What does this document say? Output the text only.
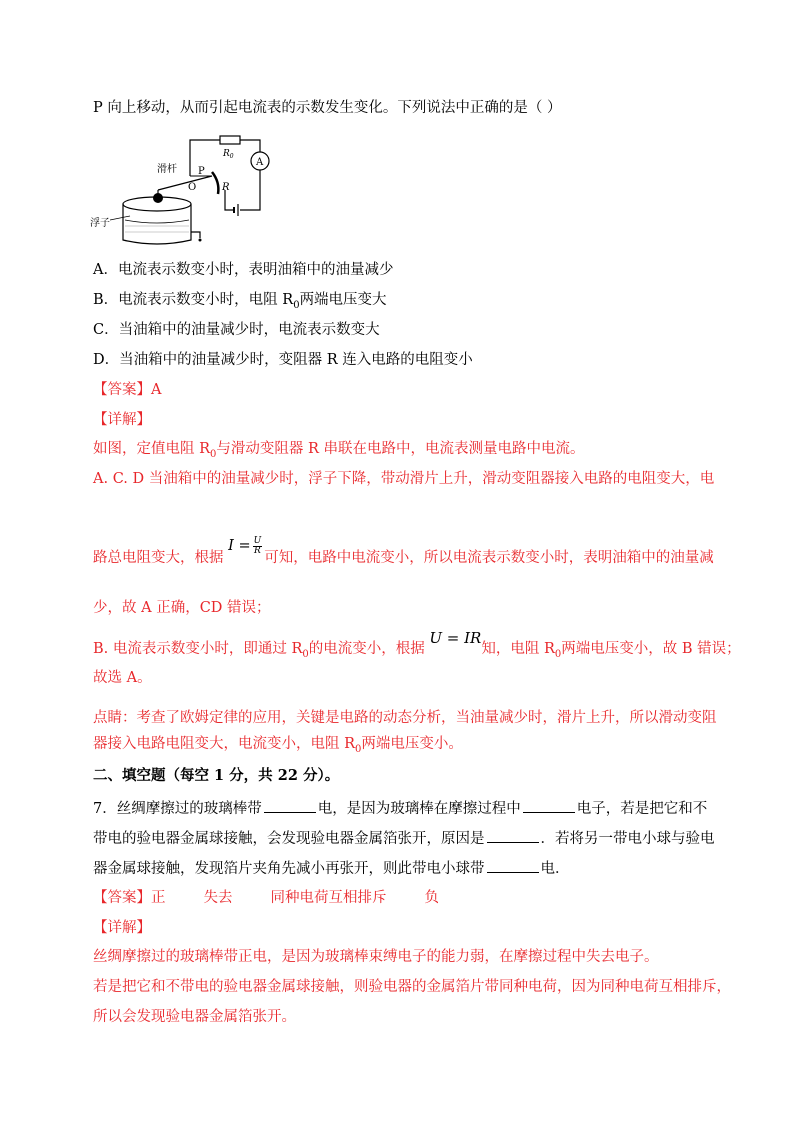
P 向上移动，从而引起电流表的示数发生变化。下列说法中正确的是（ ）
$R_0$
A
R
滑杆 P
O
浮子
A．电流表示数变小时，表明油箱中的油量减少
B．电流表示数变小时，电阻 $R_0$两端电压变大
C．当油箱中的油量减少时，电流表示数变大
D．当油箱中的油量减少时，变阻器 R 连入电路的电阻变小
【答案】A
【详解】
如图，定值电阻 $R_0$与滑动变阻器 R 串联在电路中，电流表测量电路中电流。
A. C. D 当油箱中的油量减少时，浮子下降，带动滑片上升，滑动变阻器接入电路的电阻变大，电
路总电阻变大，根据 $I = \frac{U}{R}$
可知，电路中电流变小，所以电流表示数变小时，表明油箱中的油量减
少，故 A 正确，CD 错误；
B. 电流表示数变小时，即通过 $R_0$的电流变小，根据 U = IR知，电阻 $R_0$两端电压变小，故 B 错误；
故选 A。
点睛：考查了欧姆定律的应用，关键是电路的动态分析，当油量减少时，滑片上升，所以滑动变阻
器接入电路电阻变大，电流变小，电阻 $R_0$两端电压变小。
二、填空题（每空 1 分，共 22 分）。
7．丝绸摩擦过的玻璃棒带	电，是因为玻璃棒在摩擦过程中	电子，若是把它和不
带电的验电器金属球接触，会发现验电器金属箔张开，原因是	．若将另一带电小球与验电
器金属球接触，发现箔片夹角先减小再张开，则此带电小球带	电．
【答案】正	失去	同种电荷互相排斥	负
【详解】
丝绸摩擦过的玻璃棒带正电，是因为玻璃棒束缚电子的能力弱，在摩擦过程中失去电子。
若是把它和不带电的验电器金属球接触，则验电器的金属箔片带同种电荷，因为同种电荷互相排斥，
所以会发现验电器金属箔张开。
